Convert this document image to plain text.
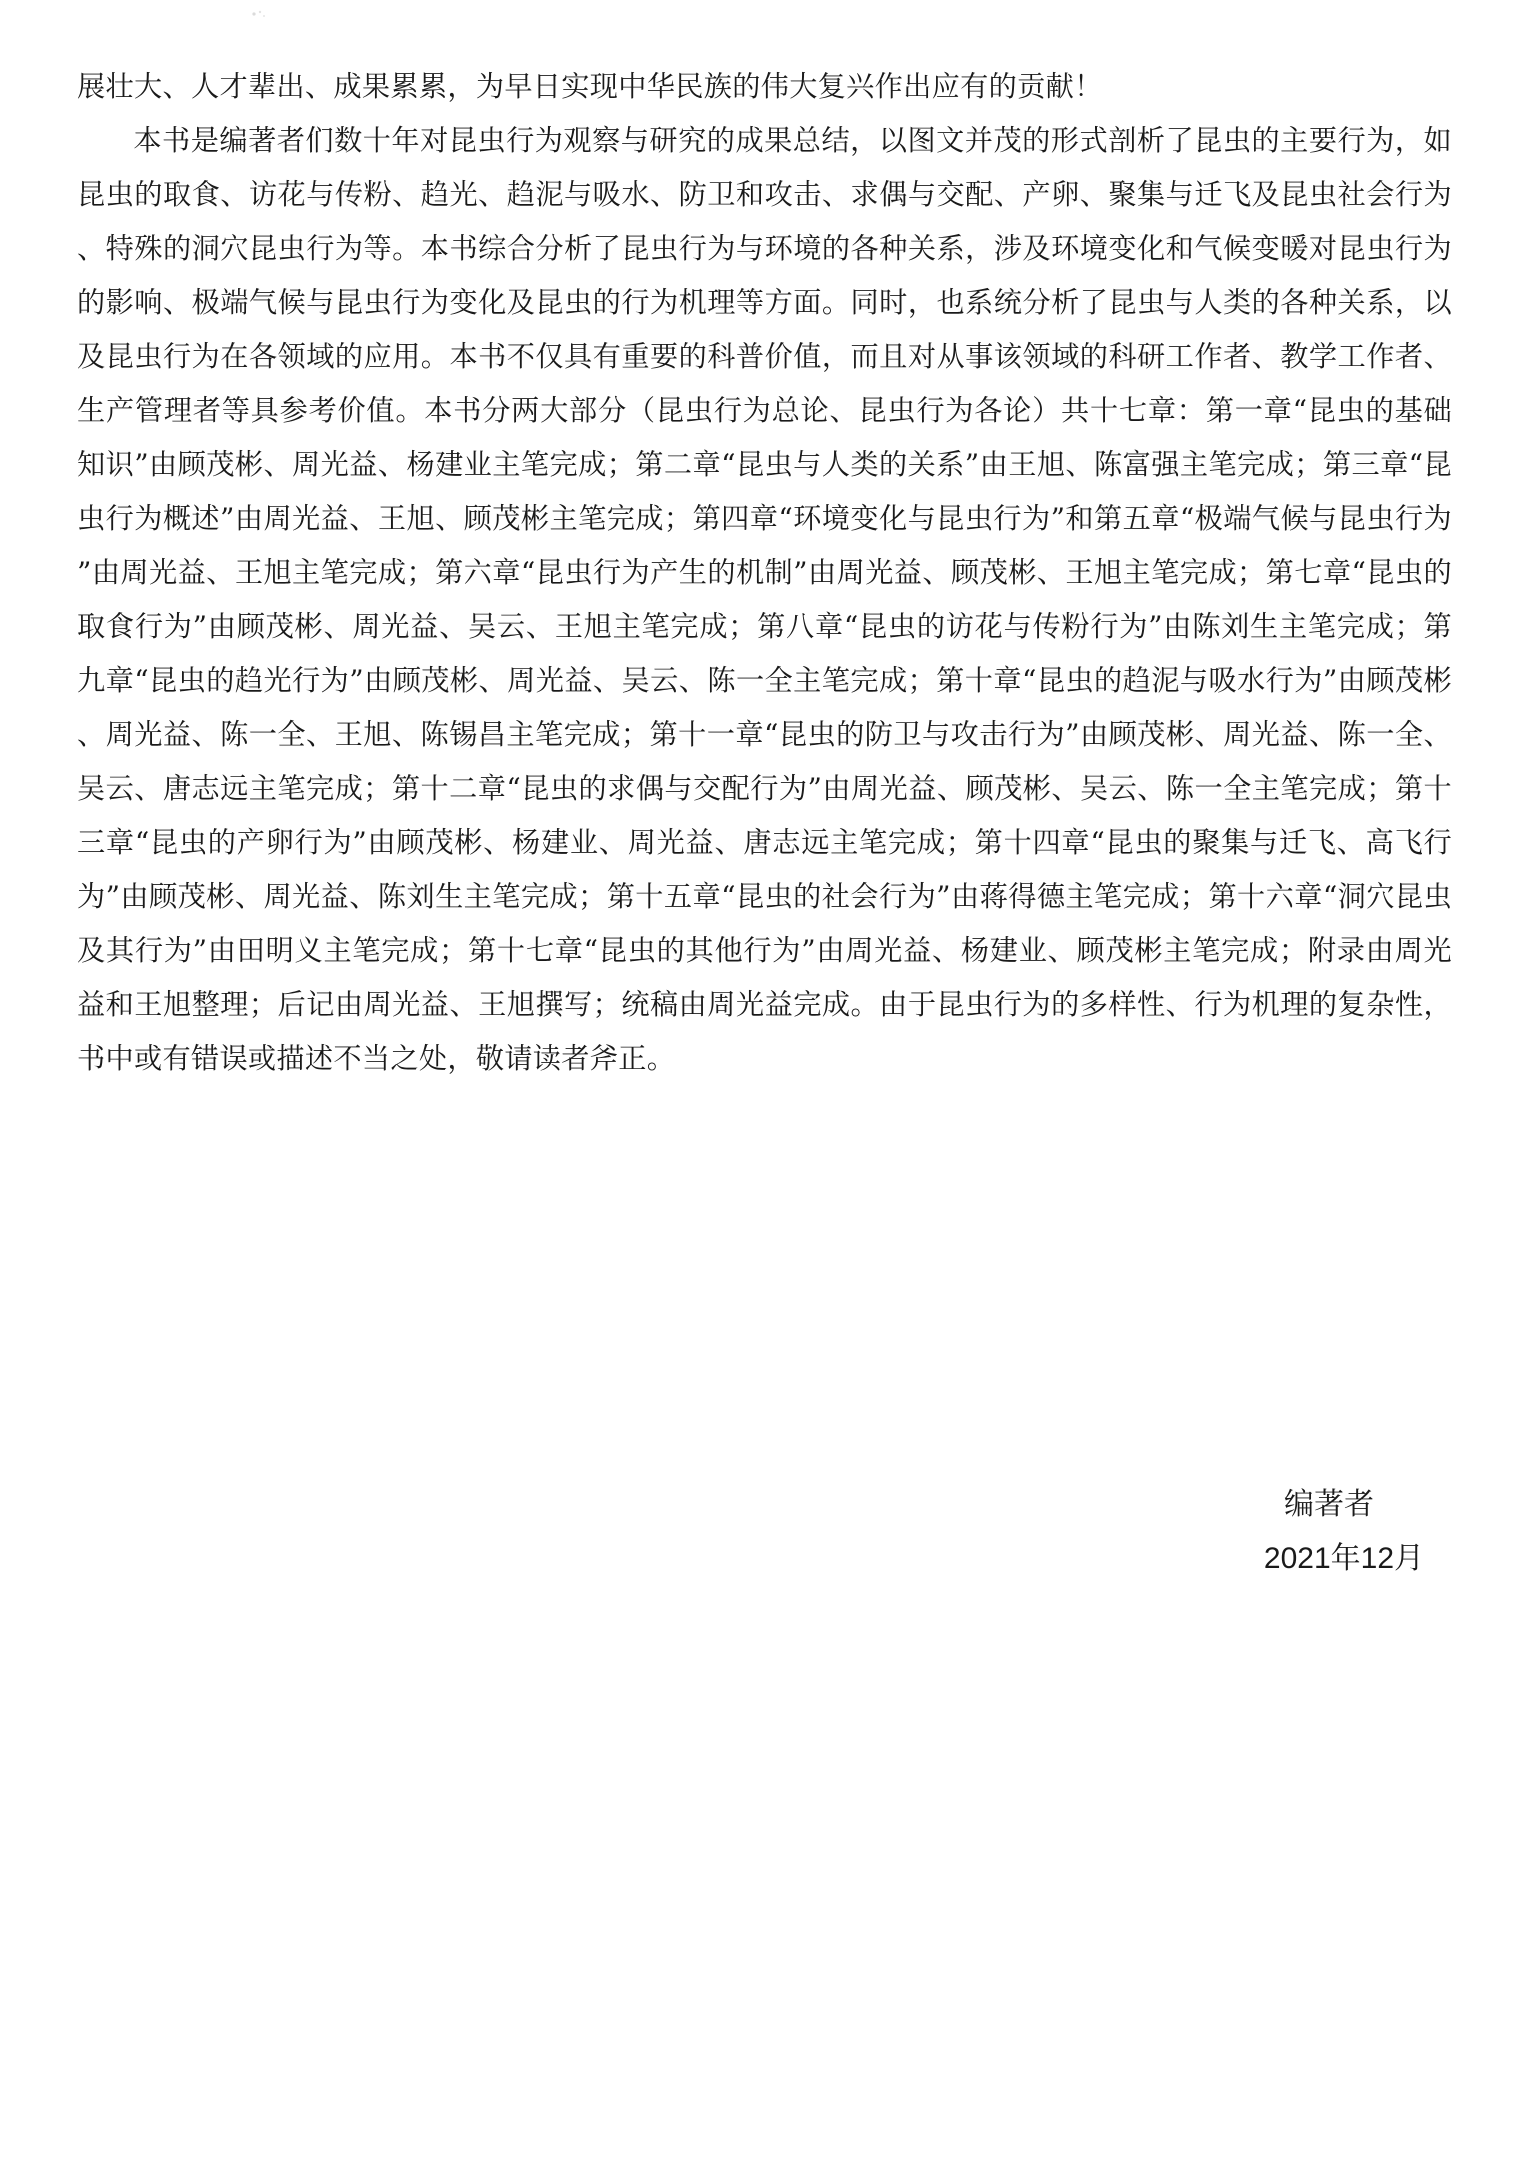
展壮大、人才辈出、成果累累，为早日实现中华民族的伟大复兴作出应有的贡献！

本书是编著者们数十年对昆虫行为观察与研究的成果总结，以图文并茂的形式剖析了昆虫的主要行为，如昆虫的取食、访花与传粉、趋光、趋泥与吸水、防卫和攻击、求偶与交配、产卵、聚集与迁飞及昆虫社会行为、特殊的洞穴昆虫行为等。本书综合分析了昆虫行为与环境的各种关系，涉及环境变化和气候变暖对昆虫行为的影响、极端气候与昆虫行为变化及昆虫的行为机理等方面。同时，也系统分析了昆虫与人类的各种关系，以及昆虫行为在各领域的应用。本书不仅具有重要的科普价值，而且对从事该领域的科研工作者、教学工作者、生产管理者等具参考价值。本书分两大部分（昆虫行为总论、昆虫行为各论）共十七章：第一章“昆虫的基础知识”由顾茂彬、周光益、杨建业主笔完成；第二章“昆虫与人类的关系”由王旭、陈富强主笔完成；第三章“昆虫行为概述”由周光益、王旭、顾茂彬主笔完成；第四章“环境变化与昆虫行为”和第五章“极端气候与昆虫行为”由周光益、王旭主笔完成；第六章“昆虫行为产生的机制”由周光益、顾茂彬、王旭主笔完成；第七章“昆虫的取食行为”由顾茂彬、周光益、吴云、王旭主笔完成；第八章“昆虫的访花与传粉行为”由陈刘生主笔完成；第九章“昆虫的趋光行为”由顾茂彬、周光益、吴云、陈一全主笔完成；第十章“昆虫的趋泥与吸水行为”由顾茂彬、周光益、陈一全、王旭、陈锡昌主笔完成；第十一章“昆虫的防卫与攻击行为”由顾茂彬、周光益、陈一全、吴云、唐志远主笔完成；第十二章“昆虫的求偶与交配行为”由周光益、顾茂彬、吴云、陈一全主笔完成；第十三章“昆虫的产卵行为”由顾茂彬、杨建业、周光益、唐志远主笔完成；第十四章“昆虫的聚集与迁飞、高飞行为”由顾茂彬、周光益、陈刘生主笔完成；第十五章“昆虫的社会行为”由蒋得德主笔完成；第十六章“洞穴昆虫及其行为”由田明义主笔完成；第十七章“昆虫的其他行为”由周光益、杨建业、顾茂彬主笔完成；附录由周光益和王旭整理；后记由周光益、王旭撰写；统稿由周光益完成。由于昆虫行为的多样性、行为机理的复杂性，书中或有错误或描述不当之处，敬请读者斧正。

编著者
2021年12月
